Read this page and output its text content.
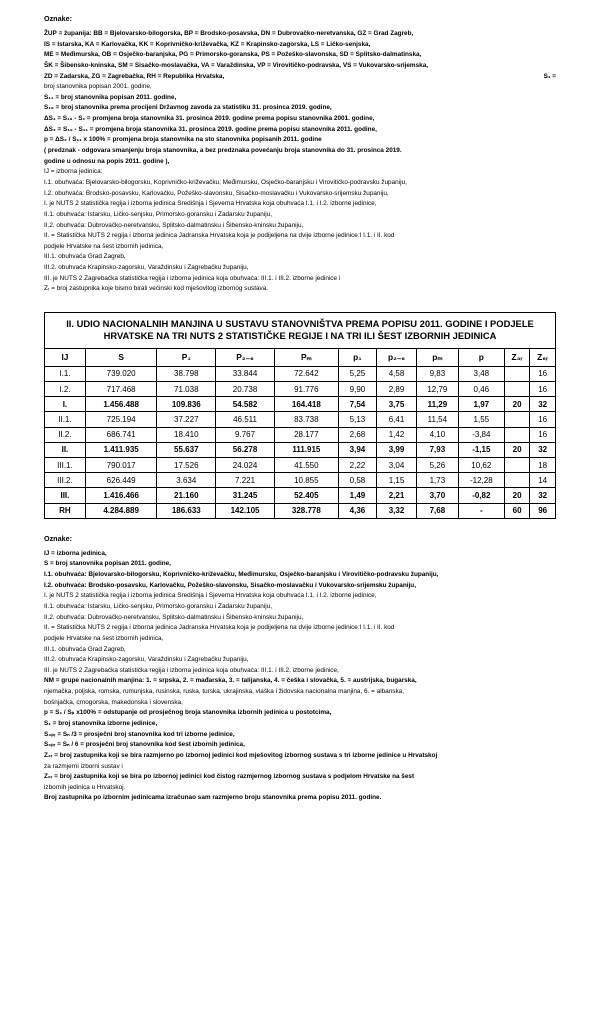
Oznake:

ŽUP = županija: BB = Bjelovarsko-bilogorska, BP = Brodsko-posavska, DN = Dubrovačko-neretvanska, GZ = Grad Zagreb,

IS = Istarska, KA = Karlovačka, KK = Koprivničko-križevačka, KZ = Krapinsko-zagorska, LS = Ličko-senjska,

ME = Međimurska, OB = Osječko-baranjska, PG = Primorsko-goranska, PS = Požeško-slavonska, SD = Splitsko-dalmatinska,

ŠK = Šibensko-kninska, SM = Sisačko-moslavačka, VA = Varaždinska, VP = Virovitičko-podravska, VS = Vukovarsko-srijemska,

ZD = Zadarska, ZG = Zagrebačka, RH = Republika Hrvatska,	S₁ =

broj stanovnika popisan 2001. godine,

S₁₁ = broj stanovnika popisan 2011. godine,

S₁₉ = broj stanovnika prema procijeni Državnog zavoda za statistiku 31. prosinca 2019. godine,

ΔS₁ = S₁₉ - S₁ = promjena broja stanovnika 31. prosinca 2019. godine prema popisu stanovnika 2001. godine,

ΔS₂ = S₁₉ - S₁₁ = promjena broja stanovnika 31. prosinca 2019. godine prema popisu stanovnika 2011. godine,

p = ΔS₂ / S₁₁ x 100% = promjena broja stanovnika na sto stanovnika popisanih 2011. godine

( predznak - odgovara smanjenju broja stanovnika, a bez predznaka povećanju broja stanovnika do 31. prosinca 2019.

godine u odnosu na popis 2011. godine ),

IJ = izborna jedinica:

I.1. obuhvaća: Bjelovarsko-bilogorsku, Koprivničko-križevačku, Međimursku, Osječko-baranjsku i Virovitičko-podravsku županiju,

I.2. obuhvaća: Brodsko-posavsku, Karlovačku, Požeško-slavonsku, Sisačko-moslavačku i Vukovarsko-srijemsku županiju,

I. je NUTS 2 statistička regija i izborna jedinica Središnja i Sjeverna Hrvatska koja obuhvaća I.1. i I.2. izborne jedinice,

II.1. obuhvaća: Istarsku, Ličko-senjsku, Primorsko-goransku i Zadarsku županiju,

II.2. obuhvaća: Dubrovačko-neretvansku, Splitsko-dalmatinsku i Šibensko-kninsku županiju,

II. = Statistička NUTS 2 regija i izborna jedinica Jadranska Hrvatska koja je podijeljena na dvije izborne jedinice:I I.1. i II. kod

podjele Hrvatske na šest izbornih jedinica,

III.1. obuhvaća Grad Zagreb,

III.2. obuhvaća Krapinsko-zagorsku, Varaždinsku i Zagrebačku županiju,

III. je NUTS 2 Zagrebačka statistička regija i izborna jedinica koja obuhvaća: III.1. i III.2. izborne jedinice i

Zᵣ = broj zastupnika koje bismo birali većinski kod mješovitog izbornog sustava.

II. UDIO NACIONALNIH MANJINA U SUSTAVU STANOVNIŠTVA PREMA POPISU 2011. GODINE I PODJELE HRVATSKE NA TRI NUTS 2 STATISTIČKE REGIJE I NA TRI ILI ŠEST IZBORNIH JEDINICA
IJ	S	P₁	P₂₋₆	Pₘ	p₁	p₂₋₆	pₘ	p	Z₃ᵣ	Z₆ᵣ
I.1.	739.020	38.798	33.844	72.642	5,25	4,58	9,83	3,48		16
I.2.	717.468	71.038	20.738	91.776	9,90	2,89	12,79	0,46		16
I.	1.456.488	109.836	54.582	164.418	7,54	3,75	11,29	1,97	20	32
II.1.	725.194	37.227	46.511	83.738	5,13	6,41	11,54	1,55		16
II.2.	686.741	18.410	9.767	28.177	2,68	1,42	4,10	-3,84		16
II.	1.411.935	55.637	56.278	111.915	3,94	3,99	7,93	-1,15	20	32
III.1.	790.017	17.526	24.024	41.550	2,22	3,04	5,26	10,62		18
III.2.	626.449	3.634	7.221	10.855	0,58	1,15	1,73	-12,28		14
III.	1.416.466	21.160	31.245	52.405	1,49	2,21	3,70	-0,82	20	32
RH	4.284.889	186.633	142.105	328.778	4,36	3,32	7,68	-	60	96
Oznake:

IJ = izborna jedinica,

S = broj stanovnika popisan 2011. godine,

I.1. obuhvaća: Bjelovarsko-bilogorsku, Koprivničko-križevačku, Međimursku, Osječko-baranjsku i Virovitičko-podravsku županiju,

I.2. obuhvaća: Brodsko-posavsku, Karlovačku, Požeško-slavonsku, Sisačko-moslavačku i Vukovarsko-srijemsku županiju,

I. je NUTS 2 statistička regija i izborna jedinica Središnja i Sjeverna Hrvatska koja obuhvaća I.1. i I.2. izborne jedinice,

II.1. obuhvaća: Istarsku, Ličko-senjsku, Primorsko-goransku i Zadarsku županiju,

II.2. obuhvaća: Dubrovačko-neretvansku, Splitsko-dalmatinsku i Šibensko-kninsku županiju,

II. = Statistička NUTS 2 regija i izborna jedinica Jadranska Hrvatska koja je podijeljena na dvije izborne jedinice:I I.1. i II. kod

podjele Hrvatske na šest izbornih jedinica,

III.1. obuhvaća Grad Zagreb,

III.2. obuhvaća Krapinsko-zagorsku, Varaždinsku i Zagrebačku županiju,

III. je NUTS 2 Zagrebačka statistička regija i izborna jedinica koja obuhvaća: III.1. i III.2. izborne jedinice,

NM = grupe nacionalnih manjina: 1. = srpska, 2. = mađarska, 3. = talijanska, 4. = češka i slovačka, 5. = austrijska, bugarska,

njemačka, poljska, romska, rumunjska, rusinska, ruska, turska, ukrajinska, vlaška i židovska nacionalna manjina, 6. = albanska,

bošnjačka, crnogorska, makedonska i slovenska,

p = S₁ / Sₚ x100% = odstupanje od prosječnog broja stanovnika izbornih jedinica u postotcima,

S₁ = broj stanovnika izborne jedinice,

S₃ₚᵣ = Sₙ /3 = prosječni broj stanovnika kod tri izborne jedinice,

S₆ₚᵣ = Sₙ / 6 = prosječni broj stanovnika kod šest izbornih jedinica,

Z₃ᵣ = broj zastupnika koji se bira razmjerno po izbornoj jedinici kod mješovitog izbornog sustava s tri izborne jedinice u Hrvatskoj

za razmjerni izborni sustav i

Z₆ᵣ = broj zastupnika koji se bira po izbornoj jedinici kod čistog razmjernog izbornog sustava s podjelom Hrvatske na šest

izbornih jedinica u Hrvatskoj.

Broj zastupnika po izbornim jedinicama izračunao sam razmjerno broju stanovnika prema popisu 2011. godine.
